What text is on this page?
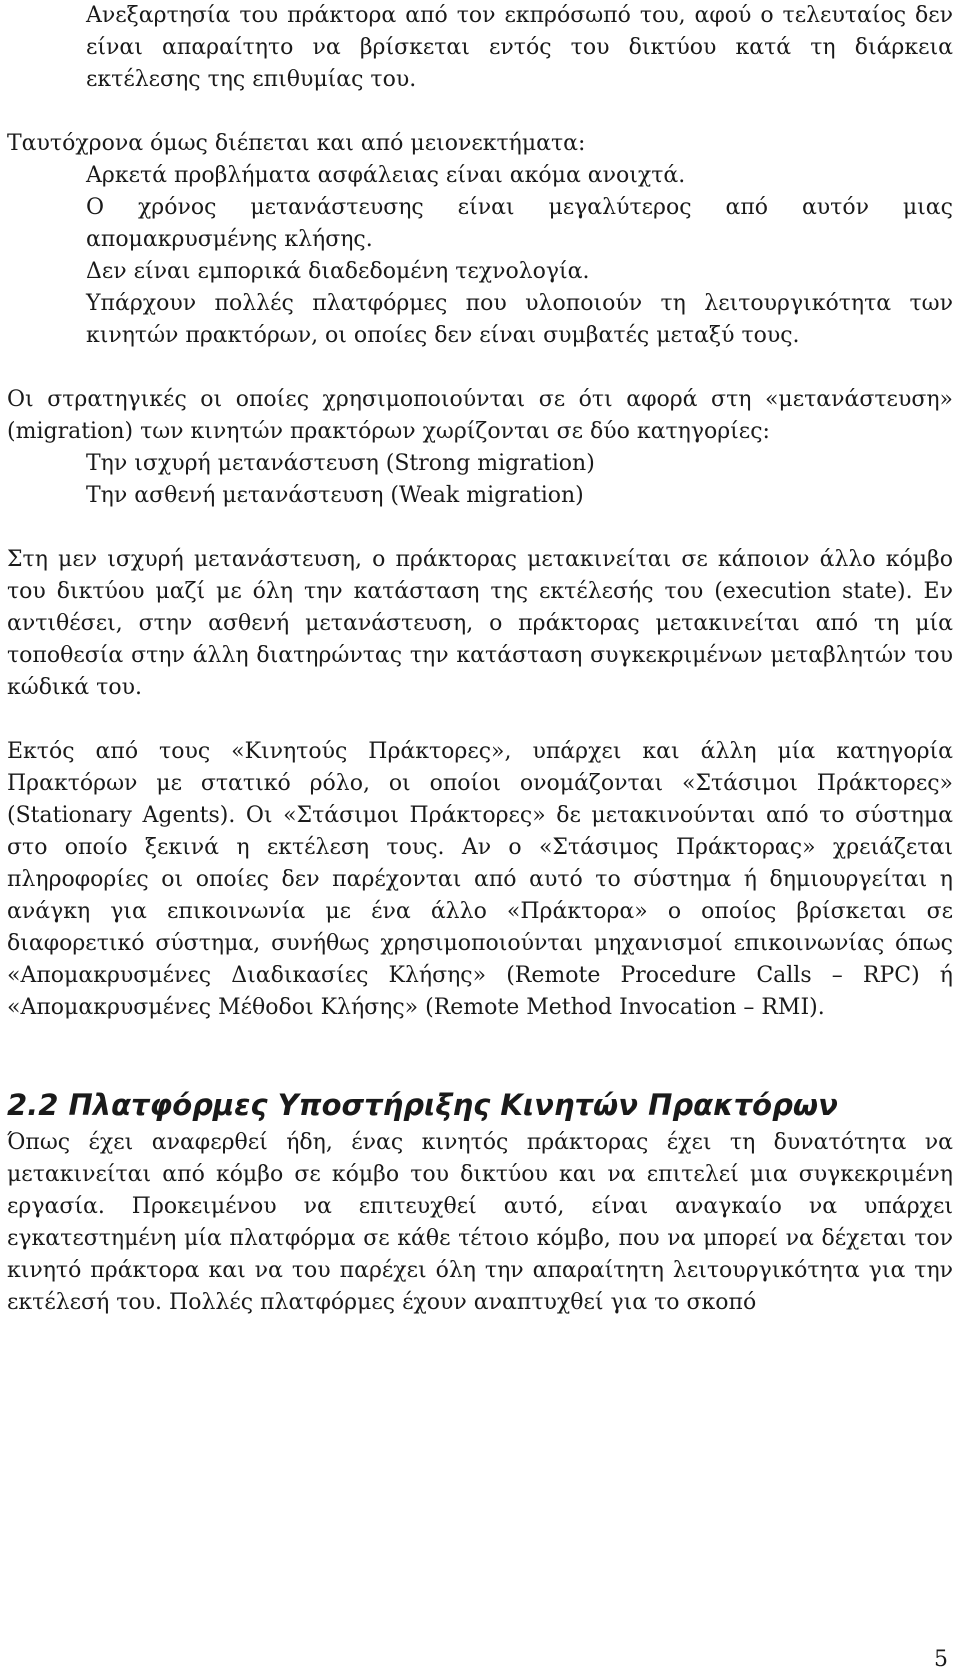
Ανεξαρτησία του πράκτορα από τον εκπρόσωπό του, αφού ο τελευταίος δεν είναι απαραίτητο να βρίσκεται εντός του δικτύου κατά τη διάρκεια εκτέλεσης της επιθυμίας του.

Ταυτόχρονα όμως διέπεται και από μειονεκτήματα:

Αρκετά προβλήματα ασφάλειας είναι ακόμα ανοιχτά.

Ο χρόνος μετανάστευσης είναι μεγαλύτερος από αυτόν μιας απομακρυσμένης κλήσης.

Δεν είναι εμπορικά διαδεδομένη τεχνολογία.

Υπάρχουν πολλές πλατφόρμες που υλοποιούν τη λειτουργικότητα των κινητών πρακτόρων, οι οποίες δεν είναι συμβατές μεταξύ τους.

Οι στρατηγικές οι οποίες χρησιμοποιούνται σε ότι αφορά στη «μετανάστευση» (migration) των κινητών πρακτόρων χωρίζονται σε δύο κατηγορίες:

Την ισχυρή μετανάστευση (Strong migration)

Την ασθενή μετανάστευση (Weak migration)

Στη μεν ισχυρή μετανάστευση, ο πράκτορας μετακινείται σε κάποιον άλλο κόμβο του δικτύου μαζί με όλη την κατάσταση της εκτέλεσής του (execution state). Εν αντιθέσει, στην ασθενή μετανάστευση, ο πράκτορας μετακινείται από τη μία τοποθεσία στην άλλη διατηρώντας την κατάσταση συγκεκριμένων μεταβλητών του κώδικά του.

Εκτός από τους «Κινητούς Πράκτορες», υπάρχει και άλλη μία κατηγορία Πρακτόρων με στατικό ρόλο, οι οποίοι ονομάζονται «Στάσιμοι Πράκτορες» (Stationary Agents). Οι «Στάσιμοι Πράκτορες» δε μετακινούνται από το σύστημα στο οποίο ξεκινά η εκτέλεση τους. Αν ο «Στάσιμος Πράκτορας» χρειάζεται πληροφορίες οι οποίες δεν παρέχονται από αυτό το σύστημα ή δημιουργείται η ανάγκη για επικοινωνία με ένα άλλο «Πράκτορα» ο οποίος βρίσκεται σε διαφορετικό σύστημα, συνήθως χρησιμοποιούνται μηχανισμοί επικοινωνίας όπως «Απομακρυσμένες Διαδικασίες Κλήσης» (Remote Procedure Calls – RPC) ή «Απομακρυσμένες Μέθοδοι Κλήσης» (Remote Method Invocation – RMI).

2.2 Πλατφόρμες Υποστήριξης Κινητών Πρακτόρων

Όπως έχει αναφερθεί ήδη, ένας κινητός πράκτορας έχει τη δυνατότητα να μετακινείται από κόμβο σε κόμβο του δικτύου και να επιτελεί μια συγκεκριμένη εργασία. Προκειμένου να επιτευχθεί αυτό, είναι αναγκαίο να υπάρχει εγκατεστημένη μία πλατφόρμα σε κάθε τέτοιο κόμβο, που να μπορεί να δέχεται τον κινητό πράκτορα και να του παρέχει όλη την απαραίτητη λειτουργικότητα για την εκτέλεσή του. Πολλές πλατφόρμες έχουν αναπτυχθεί για το σκοπό

5
